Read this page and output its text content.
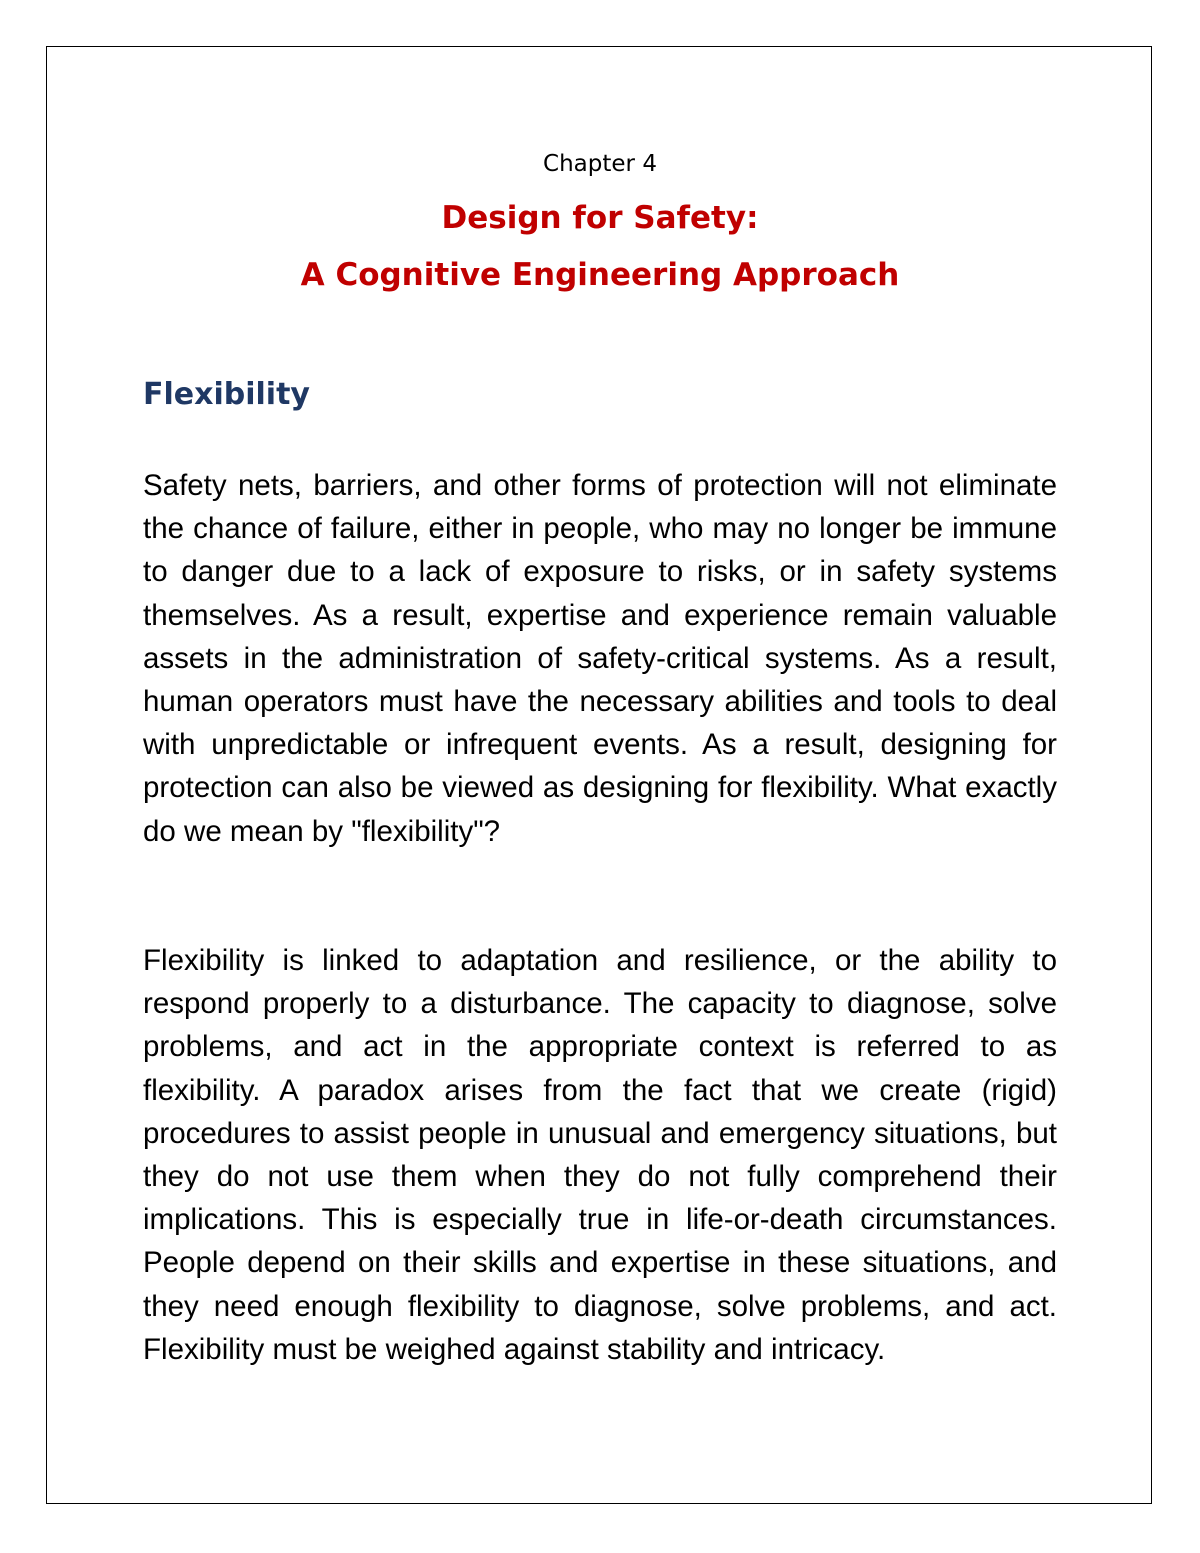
Chapter 4
Design for Safety:
A Cognitive Engineering Approach
Flexibility

Safety nets, barriers, and other forms of protection will not eliminate the chance of failure, either in people, who may no longer be immune to danger due to a lack of exposure to risks, or in safety systems themselves. As a result, expertise and experience remain valuable assets in the administration of safety-critical systems. As a result, human operators must have the necessary abilities and tools to deal with unpredictable or infrequent events. As a result, designing for protection can also be viewed as designing for flexibility. What exactly do we mean by "flexibility"?

Flexibility is linked to adaptation and resilience, or the ability to respond properly to a disturbance. The capacity to diagnose, solve problems, and act in the appropriate context is referred to as flexibility. A paradox arises from the fact that we create (rigid) procedures to assist people in unusual and emergency situations, but they do not use them when they do not fully comprehend their implications. This is especially true in life-or-death circumstances. People depend on their skills and expertise in these situations, and they need enough flexibility to diagnose, solve problems, and act. Flexibility must be weighed against stability and intricacy.
